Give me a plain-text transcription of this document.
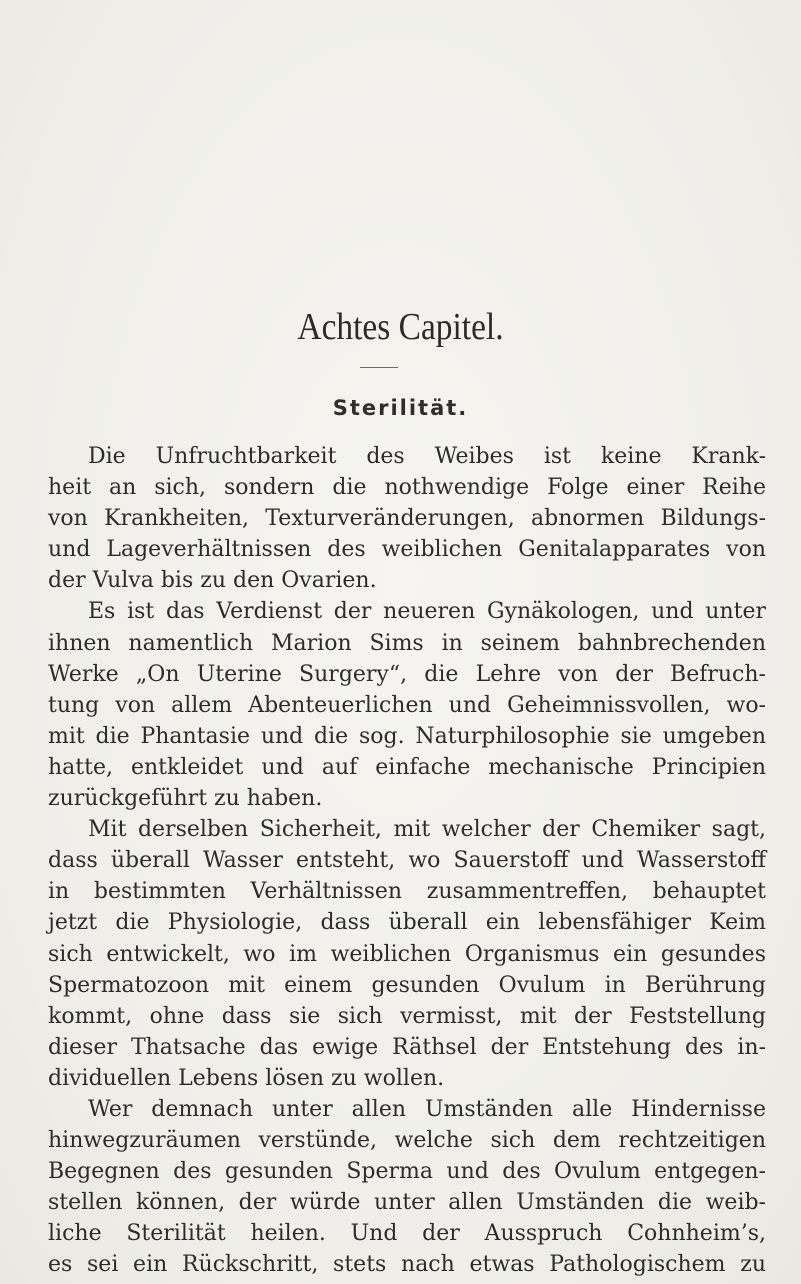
Achtes Capitel.
Sterilität.
Die Unfruchtbarkeit des Weibes ist keine Krank-
heit an sich, sondern die nothwendige Folge einer Reihe
von Krankheiten, Texturveränderungen, abnormen Bildungs-
und Lageverhältnissen des weiblichen Genitalapparates von
der Vulva bis zu den Ovarien.
Es ist das Verdienst der neueren Gynäkologen, und unter
ihnen namentlich Marion Sims in seinem bahnbrechenden
Werke „On Uterine Surgery“, die Lehre von der Befruch-
tung von allem Abenteuerlichen und Geheimnissvollen, wo-
mit die Phantasie und die sog. Naturphilosophie sie umgeben
hatte, entkleidet und auf einfache mechanische Principien
zurückgeführt zu haben.
Mit derselben Sicherheit, mit welcher der Chemiker sagt,
dass überall Wasser entsteht, wo Sauerstoff und Wasserstoff
in bestimmten Verhältnissen zusammentreffen, behauptet
jetzt die Physiologie, dass überall ein lebensfähiger Keim
sich entwickelt, wo im weiblichen Organismus ein gesundes
Spermatozoon mit einem gesunden Ovulum in Berührung
kommt, ohne dass sie sich vermisst, mit der Feststellung
dieser Thatsache das ewige Räthsel der Entstehung des in-
dividuellen Lebens lösen zu wollen.
Wer demnach unter allen Umständen alle Hindernisse
hinwegzuräumen verstünde, welche sich dem rechtzeitigen
Begegnen des gesunden Sperma und des Ovulum entgegen-
stellen können, der würde unter allen Umständen die weib-
liche Sterilität heilen. Und der Ausspruch Cohnheim’s,
es sei ein Rückschritt, stets nach etwas Pathologischem zu
